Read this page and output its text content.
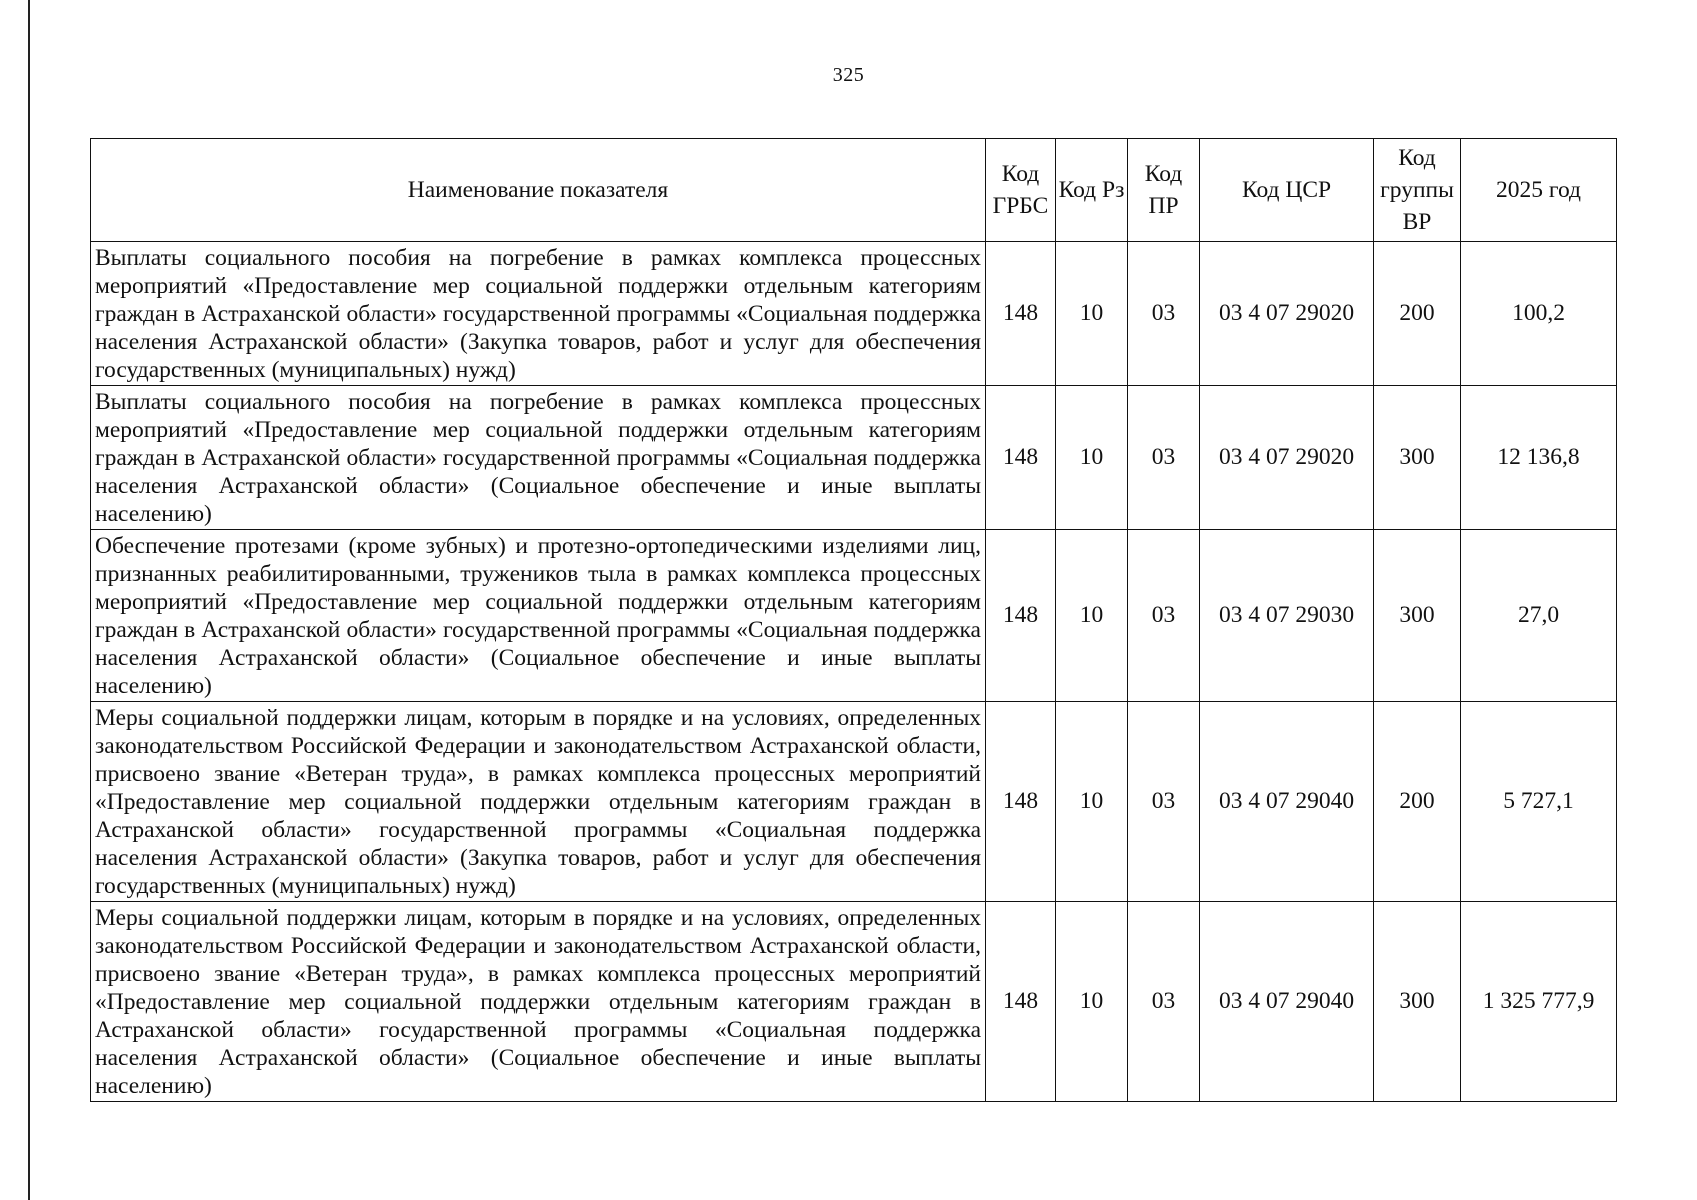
325
Наименование показателя	Код ГРБС	Код Рз	Код ПР	Код ЦСР	Код группы ВР	2025 год
Выплаты социального пособия на погребение в рамках комплекса процессных мероприятий «Предоставление мер социальной поддержки отдельным категориям граждан в Астраханской области» государственной программы «Социальная поддержка населения Астраханской области» (Закупка товаров, работ и услуг для обеспечения государственных (муниципальных) нужд)	148	10	03	03 4 07 29020	200	100,2
Выплаты социального пособия на погребение в рамках комплекса процессных мероприятий «Предоставление мер социальной поддержки отдельным категориям граждан в Астраханской области» государственной программы «Социальная поддержка населения Астраханской области» (Социальное обеспечение и иные выплаты населению)	148	10	03	03 4 07 29020	300	12 136,8
Обеспечение протезами (кроме зубных) и протезно-ортопедическими изделиями лиц, признанных реабилитированными, тружеников тыла в рамках комплекса процессных мероприятий «Предоставление мер социальной поддержки отдельным категориям граждан в Астраханской области» государственной программы «Социальная поддержка населения Астраханской области» (Социальное обеспечение и иные выплаты населению)	148	10	03	03 4 07 29030	300	27,0
Меры социальной поддержки лицам, которым в порядке и на условиях, определенных законодательством Российской Федерации и законодательством Астраханской области, присвоено звание «Ветеран труда», в рамках комплекса процессных мероприятий «Предоставление мер социальной поддержки отдельным категориям граждан в Астраханской области» государственной программы «Социальная поддержка населения Астраханской области» (Закупка товаров, работ и услуг для обеспечения государственных (муниципальных) нужд)	148	10	03	03 4 07 29040	200	5 727,1
Меры социальной поддержки лицам, которым в порядке и на условиях, определенных законодательством Российской Федерации и законодательством Астраханской области, присвоено звание «Ветеран труда», в рамках комплекса процессных мероприятий «Предоставление мер социальной поддержки отдельным категориям граждан в Астраханской области» государственной программы «Социальная поддержка населения Астраханской области» (Социальное обеспечение и иные выплаты населению)	148	10	03	03 4 07 29040	300	1 325 777,9
